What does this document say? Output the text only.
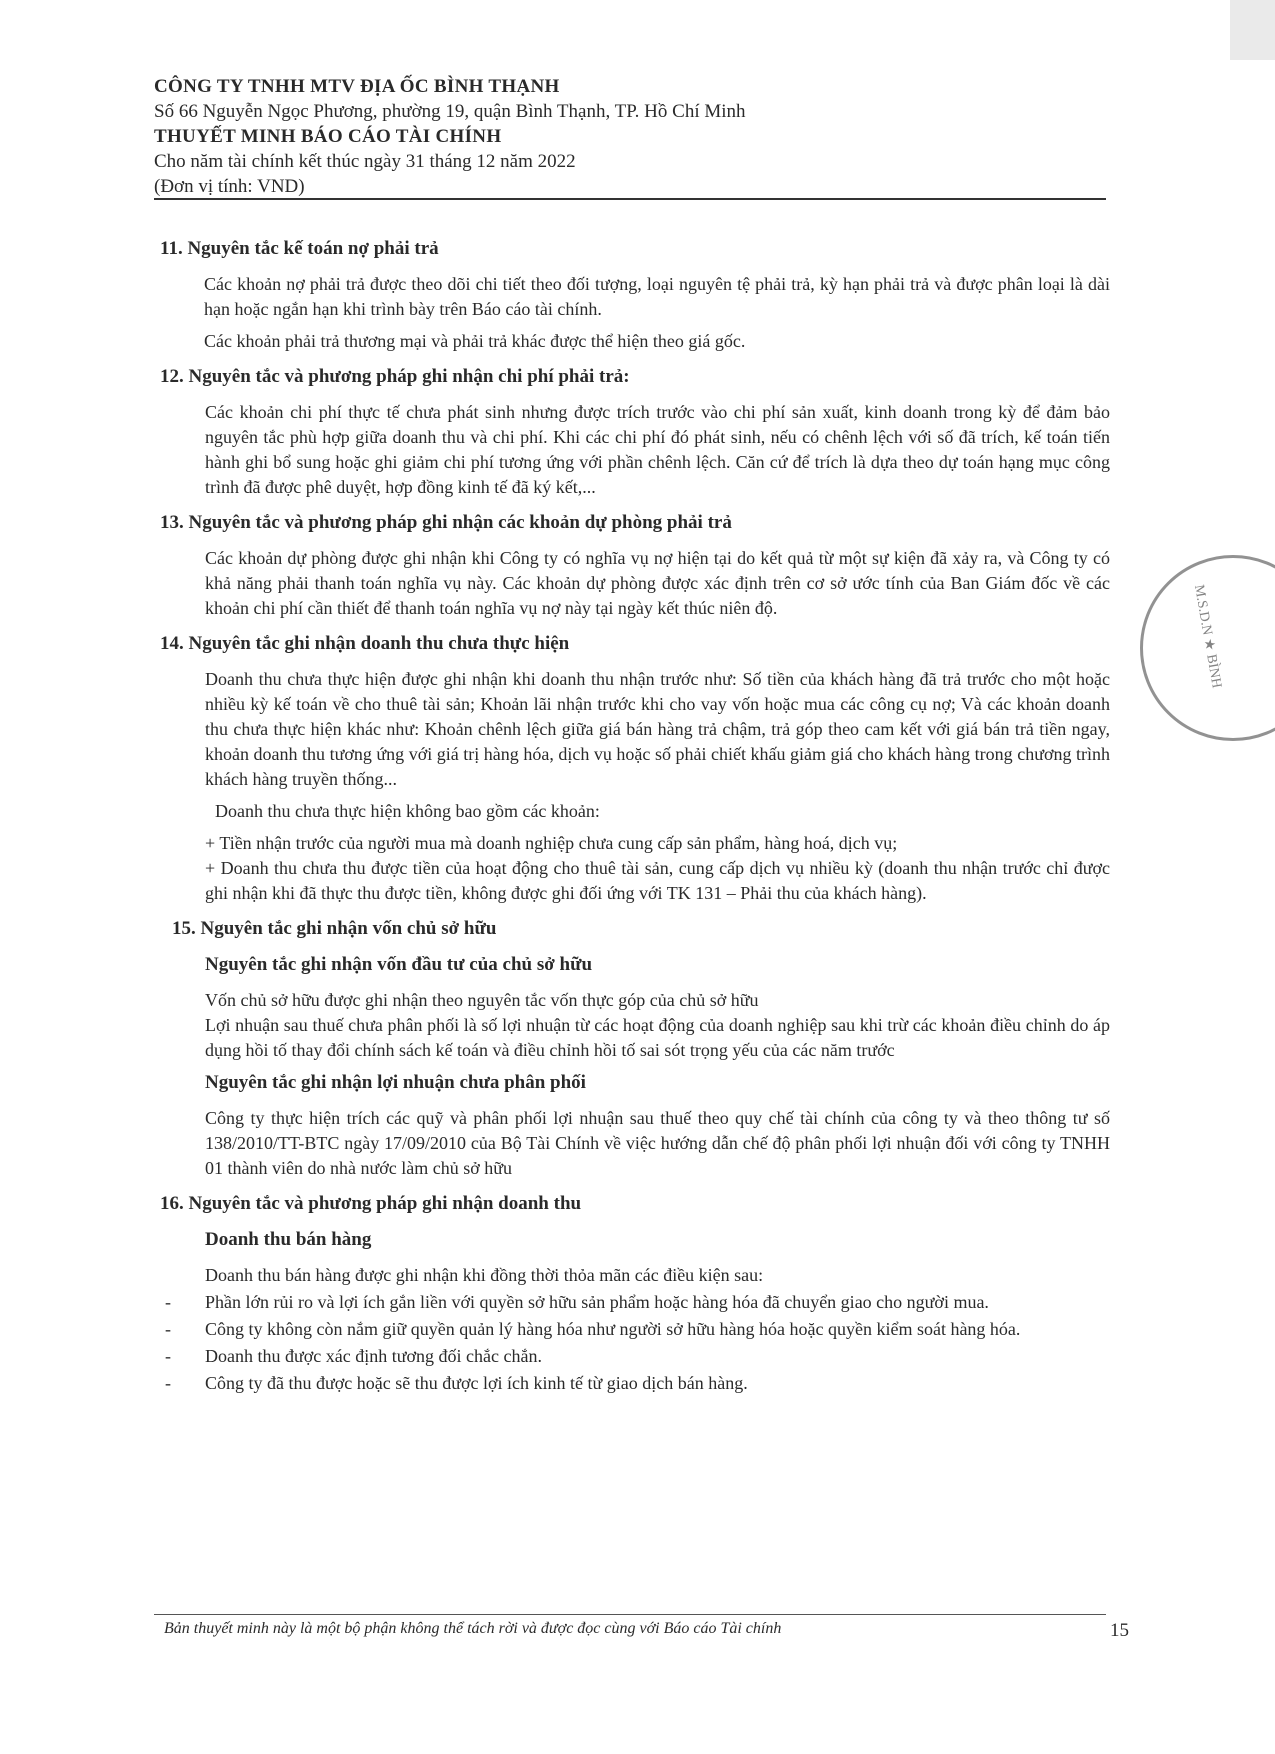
CÔNG TY TNHH MTV ĐỊA ỐC BÌNH THẠNH
Số 66 Nguyễn Ngọc Phương, phường 19, quận Bình Thạnh, TP. Hồ Chí Minh
THUYẾT MINH BÁO CÁO TÀI CHÍNH
Cho năm tài chính kết thúc ngày 31 tháng 12 năm 2022
(Đơn vị tính: VND)
11. Nguyên tắc kế toán nợ phải trả
Các khoản nợ phải trả được theo dõi chi tiết theo đối tượng, loại nguyên tệ phải trả, kỳ hạn phải trả và được phân loại là dài hạn hoặc ngắn hạn khi trình bày trên Báo cáo tài chính.
Các khoản phải trả thương mại và phải trả khác được thể hiện theo giá gốc.
12. Nguyên tắc và phương pháp ghi nhận chi phí phải trả:
Các khoản chi phí thực tế chưa phát sinh nhưng được trích trước vào chi phí sản xuất, kinh doanh trong kỳ để đảm bảo nguyên tắc phù hợp giữa doanh thu và chi phí. Khi các chi phí đó phát sinh, nếu có chênh lệch với số đã trích, kế toán tiến hành ghi bổ sung hoặc ghi giảm chi phí tương ứng với phần chênh lệch. Căn cứ để trích là dựa theo dự toán hạng mục công trình đã được phê duyệt, hợp đồng kinh tế đã ký kết,...
13. Nguyên tắc và phương pháp ghi nhận các khoản dự phòng phải trả
Các khoản dự phòng được ghi nhận khi Công ty có nghĩa vụ nợ hiện tại do kết quả từ một sự kiện đã xảy ra, và Công ty có khả năng phải thanh toán nghĩa vụ này. Các khoản dự phòng được xác định trên cơ sở ước tính của Ban Giám đốc về các khoản chi phí cần thiết để thanh toán nghĩa vụ nợ này tại ngày kết thúc niên độ.
14. Nguyên tắc ghi nhận doanh thu chưa thực hiện
Doanh thu chưa thực hiện được ghi nhận khi doanh thu nhận trước như: Số tiền của khách hàng đã trả trước cho một hoặc nhiều kỳ kế toán về cho thuê tài sản; Khoản lãi nhận trước khi cho vay vốn hoặc mua các công cụ nợ; Và các khoản doanh thu chưa thực hiện khác như: Khoản chênh lệch giữa giá bán hàng trả chậm, trả góp theo cam kết với giá bán trả tiền ngay, khoản doanh thu tương ứng với giá trị hàng hóa, dịch vụ hoặc số phải chiết khấu giảm giá cho khách hàng trong chương trình khách hàng truyền thống...
Doanh thu chưa thực hiện không bao gồm các khoản:
+ Tiền nhận trước của người mua mà doanh nghiệp chưa cung cấp sản phẩm, hàng hoá, dịch vụ;
+ Doanh thu chưa thu được tiền của hoạt động cho thuê tài sản, cung cấp dịch vụ nhiều kỳ (doanh thu nhận trước chỉ được ghi nhận khi đã thực thu được tiền, không được ghi đối ứng với TK 131 – Phải thu của khách hàng).
15. Nguyên tắc ghi nhận vốn chủ sở hữu
Nguyên tắc ghi nhận vốn đầu tư của chủ sở hữu
Vốn chủ sở hữu được ghi nhận theo nguyên tắc vốn thực góp của chủ sở hữu
Lợi nhuận sau thuế chưa phân phối là số lợi nhuận từ các hoạt động của doanh nghiệp sau khi trừ các khoản điều chỉnh do áp dụng hồi tố thay đổi chính sách kế toán và điều chỉnh hồi tố sai sót trọng yếu của các năm trước
Nguyên tắc ghi nhận lợi nhuận chưa phân phối
Công ty thực hiện trích các quỹ và phân phối lợi nhuận sau thuế theo quy chế tài chính của công ty và theo thông tư số 138/2010/TT-BTC ngày 17/09/2010 của Bộ Tài Chính về việc hướng dẫn chế độ phân phối lợi nhuận đối với công ty TNHH 01 thành viên do nhà nước làm chủ sở hữu
16. Nguyên tắc và phương pháp ghi nhận doanh thu
Doanh thu bán hàng
Doanh thu bán hàng được ghi nhận khi đồng thời thỏa mãn các điều kiện sau:
- Phần lớn rủi ro và lợi ích gắn liền với quyền sở hữu sản phẩm hoặc hàng hóa đã chuyển giao cho người mua.
- Công ty không còn nắm giữ quyền quản lý hàng hóa như người sở hữu hàng hóa hoặc quyền kiểm soát hàng hóa.
- Doanh thu được xác định tương đối chắc chắn.
- Công ty đã thu được hoặc sẽ thu được lợi ích kinh tế từ giao dịch bán hàng.
Bản thuyết minh này là một bộ phận không thể tách rời và được đọc cùng với Báo cáo Tài chính	15
M.S.D.N ★ BÌNH
